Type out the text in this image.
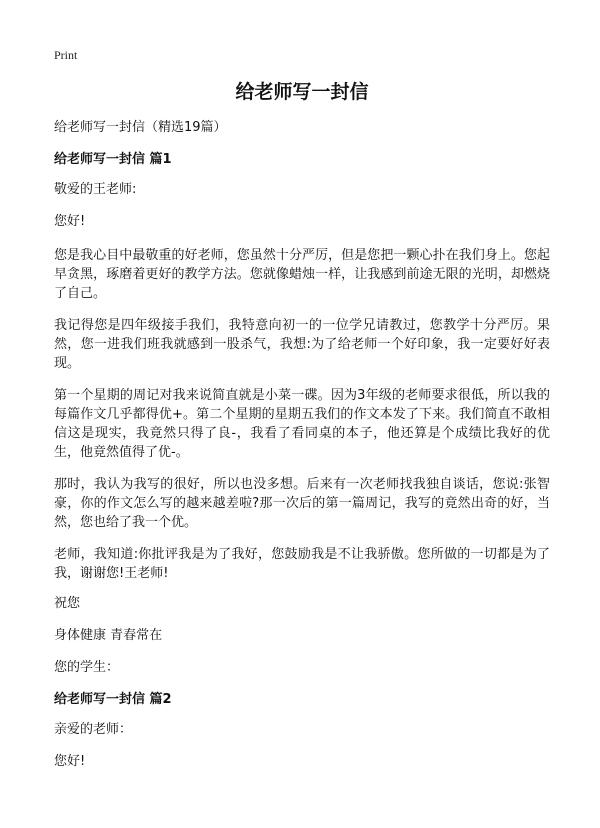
Print
给老师写一封信
给老师写一封信（精选19篇）
给老师写一封信 篇1
敬爱的王老师:
您好!
您是我心目中最敬重的好老师，您虽然十分严厉，但是您把一颗心扑在我们身上。您起早贪黑，琢磨着更好的教学方法。您就像蜡烛一样，让我感到前途无限的光明，却燃烧了自己。
我记得您是四年级接手我们，我特意向初一的一位学兄请教过，您教学十分严厉。果然，您一进我们班我就感到一股杀气，我想:为了给老师一个好印象，我一定要好好表现。
第一个星期的周记对我来说简直就是小菜一碟。因为3年级的老师要求很低，所以我的每篇作文几乎都得优+。第二个星期的星期五我们的作文本发了下来。我们简直不敢相信这是现实，我竟然只得了良-，我看了看同桌的本子，他还算是个成绩比我好的优生，他竟然值得了优-。
那时，我认为我写的很好，所以也没多想。后来有一次老师找我独自谈话，您说:张智豪，你的作文怎么写的越来越差啦?那一次后的第一篇周记，我写的竟然出奇的好，当然，您也给了我一个优。
老师，我知道:你批评我是为了我好，您鼓励我是不让我骄傲。您所做的一切都是为了我，谢谢您!王老师!
祝您
身体健康 青春常在
您的学生：
给老师写一封信 篇2
亲爱的老师：
您好!
